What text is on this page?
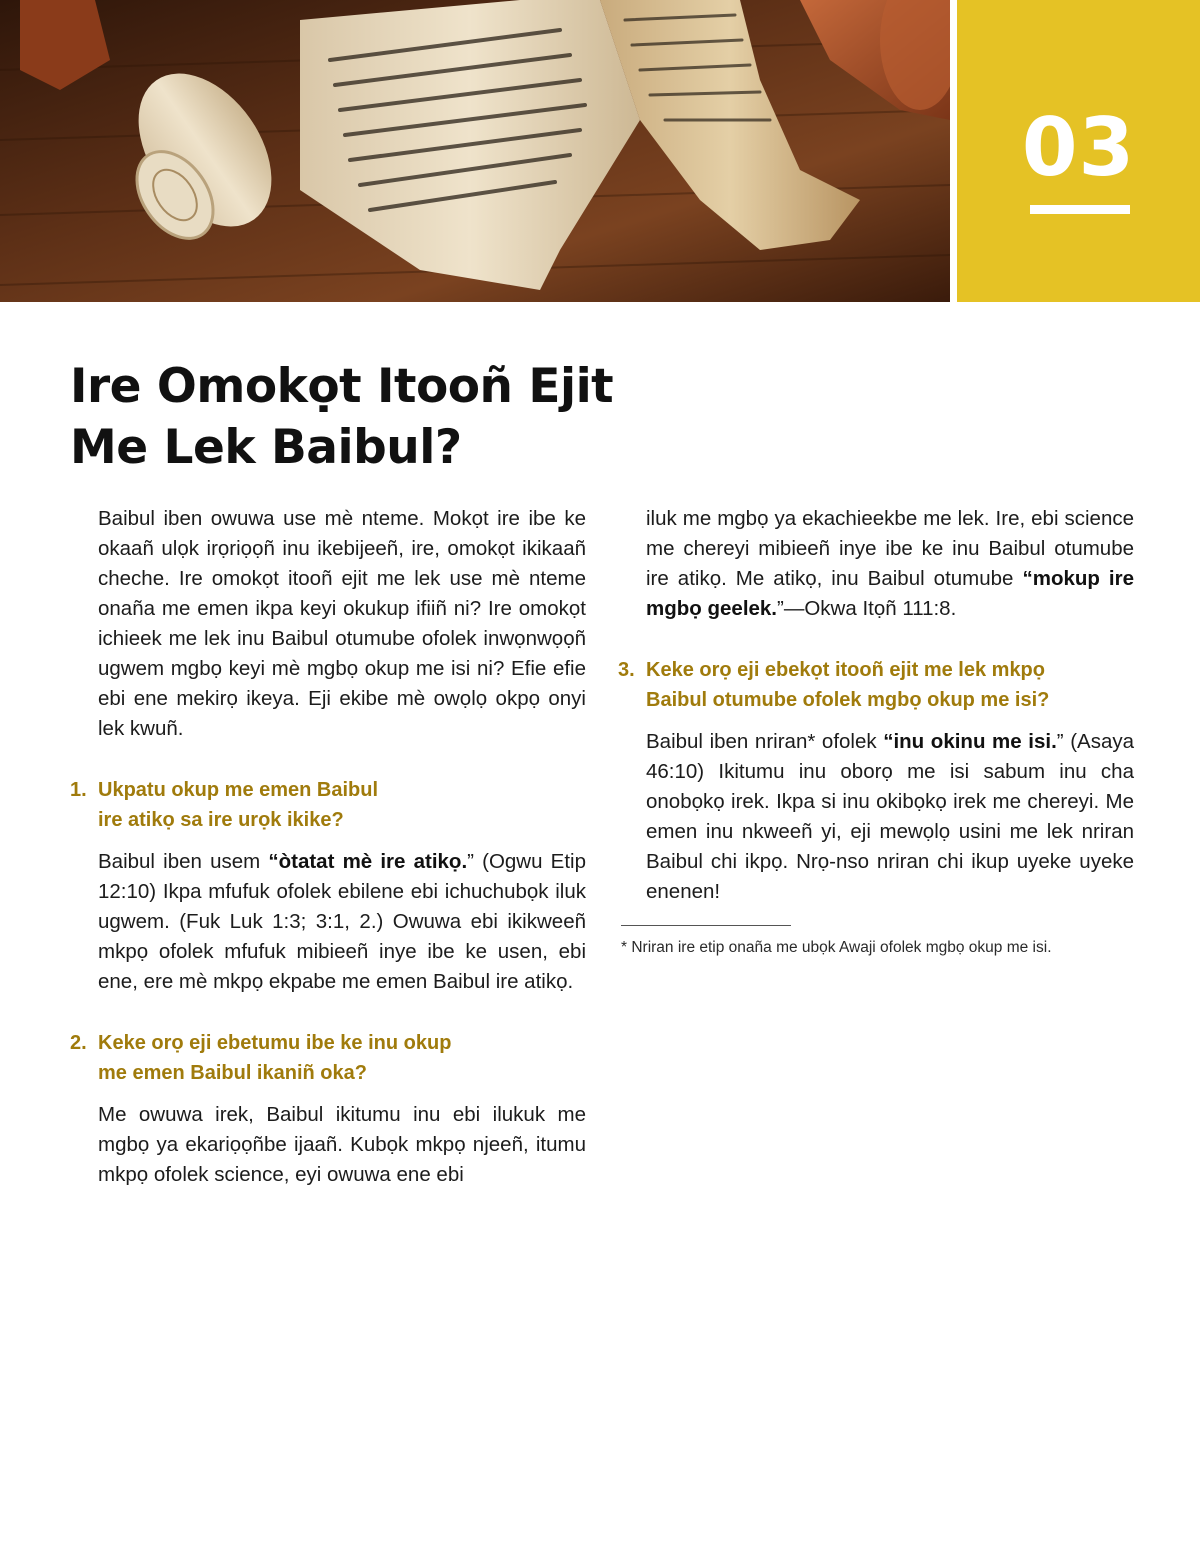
03
Ire Omokọt Itooñ Ejit
Me Lek Baibul?

Baibul iben owuwa use mè nteme. Mokọt ire ibe ke okaañ ulọk irọriọọñ inu ikebijeeñ, ire, omokọt ikikaañ cheche. Ire omokọt itooñ ejit me lek use mè nteme onaña me emen ikpa keyi okukup ifiiñ ni? Ire omokọt ichieek me lek inu Baibul otumube ofolek inwọnwọọñ ugwem mgbọ keyi mè mgbọ okup me isi ni? Efie efie ebi ene mekirọ ikeya. Eji ekibe mè owọlọ okpọ onyi lek kwuñ.

1. Ukpatu okup me emen Baibul
ire atikọ sa ire urọk ikike?

Baibul iben usem “òtatat mè ire atikọ.” (Ogwu Etip 12:10) Ikpa mfufuk ofolek ebilene ebi ichuchubọk iluk ugwem. (Fuk Luk 1:3; 3:1, 2.) Owuwa ebi ikikweeñ mkpọ ofolek mfufuk mibieeñ inye ibe ke usen, ebi ene, ere mè mkpọ ekpabe me emen Baibul ire atikọ.

2. Keke orọ eji ebetumu ibe ke inu okup
me emen Baibul ikaniñ oka?

Me owuwa irek, Baibul ikitumu inu ebi ilukuk me mgbọ ya ekariọọñbe ijaañ. Kubọk mkpọ njeeñ, itumu mkpọ ofolek science, eyi owuwa ene ebi

iluk me mgbọ ya ekachieekbe me lek. Ire, ebi science me chereyi mibieeñ inye ibe ke inu Baibul otumube ire atikọ. Me atikọ, inu Baibul otumube “mokup ire mgbọ geelek.”—Okwa Itọñ 111:8.

3. Keke orọ eji ebekọt itooñ ejit me lek mkpọ
Baibul otumube ofolek mgbọ okup me isi?

Baibul iben nriran* ofolek “inu okinu me isi.” (Asaya 46:10) Ikitumu inu oborọ me isi sabum inu cha onobọkọ irek. Ikpa si inu okibọkọ irek me chereyi. Me emen inu nkweeñ yi, eji mewọlọ usini me lek nriran Baibul chi ikpọ. Nrọ-nso nriran chi ikup uyeke uyeke enenen!

* Nriran ire etip onaña me ubọk Awaji ofolek mgbọ okup me isi.
